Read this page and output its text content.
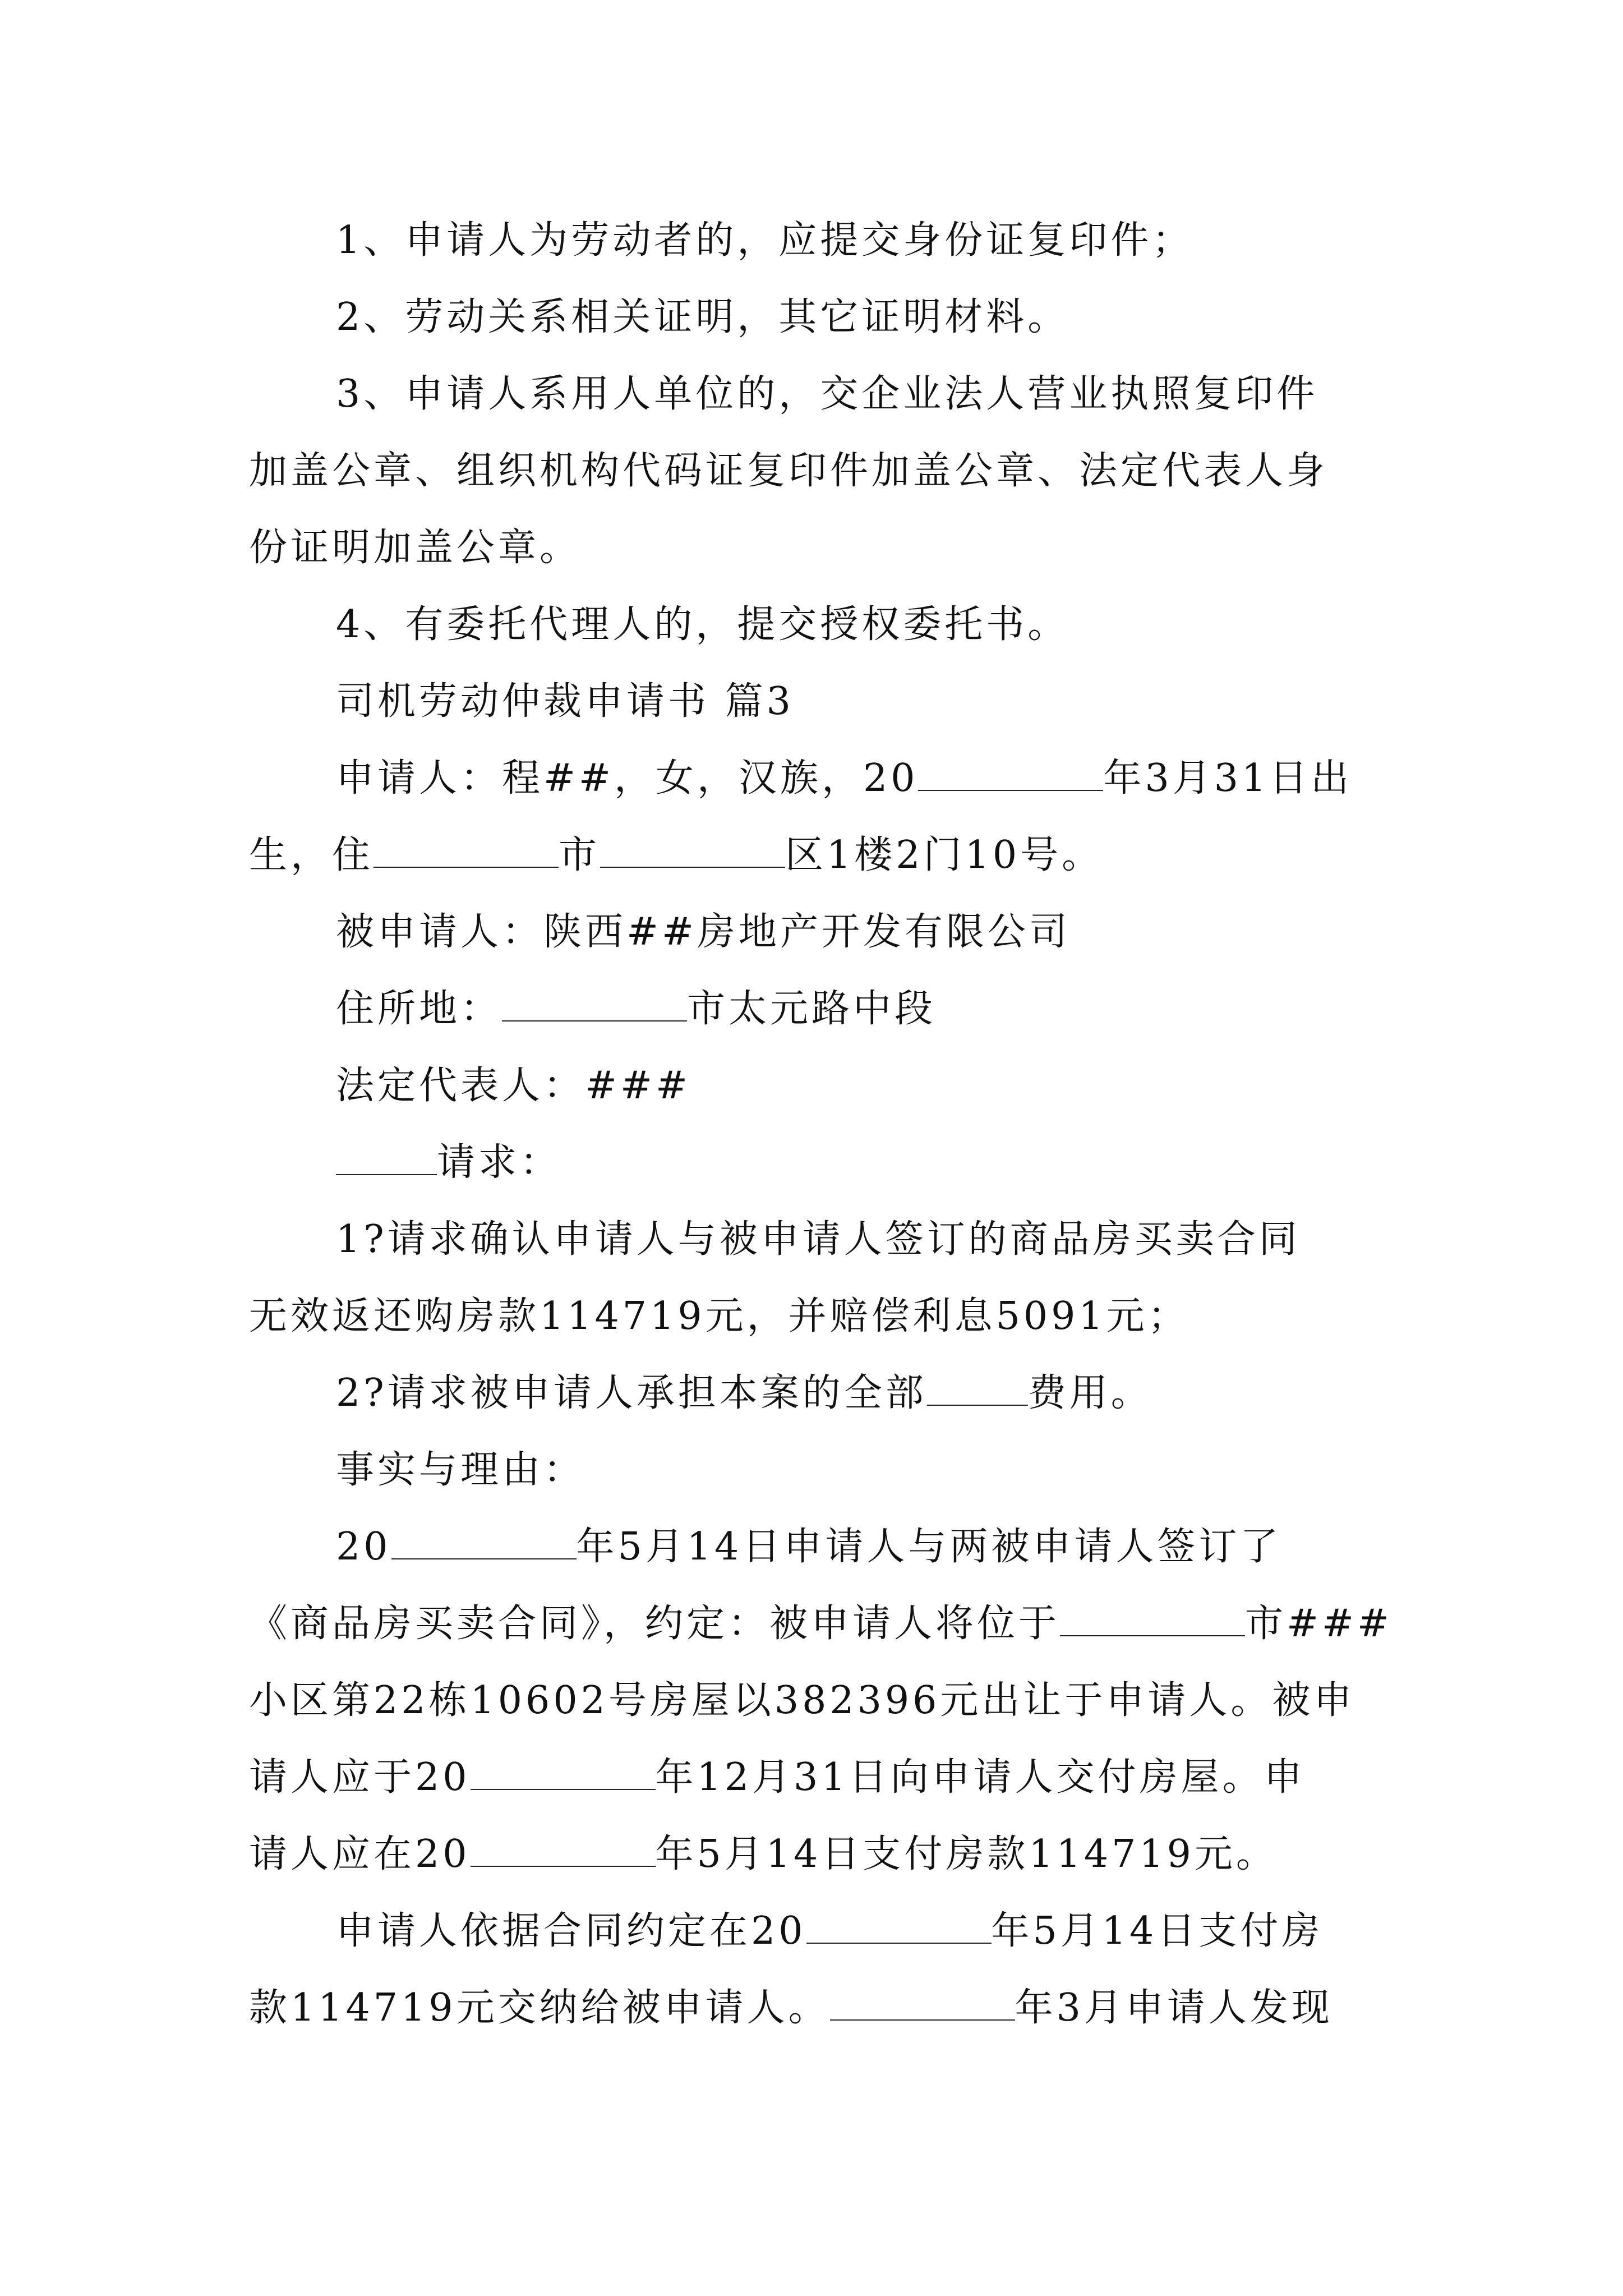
1、申请人为劳动者的，应提交身份证复印件；
2、劳动关系相关证明，其它证明材料。
3、申请人系用人单位的，交企业法人营业执照复印件
加盖公章、组织机构代码证复印件加盖公章、法定代表人身
份证明加盖公章。
4、有委托代理人的，提交授权委托书。
司机劳动仲裁申请书 篇3
申请人：程##，女，汉族，20	年3月31日出
生，住	市	区1楼2门10号。
被申请人：陕西##房地产开发有限公司
住所地：	市太元路中段
法定代表人：###
请求：
1?请求确认申请人与被申请人签订的商品房买卖合同
无效返还购房款114719元，并赔偿利息5091元；
2?请求被申请人承担本案的全部	费用。
事实与理由：
20	年5月14日申请人与两被申请人签订了
《商品房买卖合同》，约定：被申请人将位于	市###
小区第22栋10602号房屋以382396元出让于申请人。被申
请人应于20	年12月31日向申请人交付房屋。申
请人应在20	年5月14日支付房款114719元。
申请人依据合同约定在20	年5月14日支付房
款114719元交纳给被申请人。	年3月申请人发现
